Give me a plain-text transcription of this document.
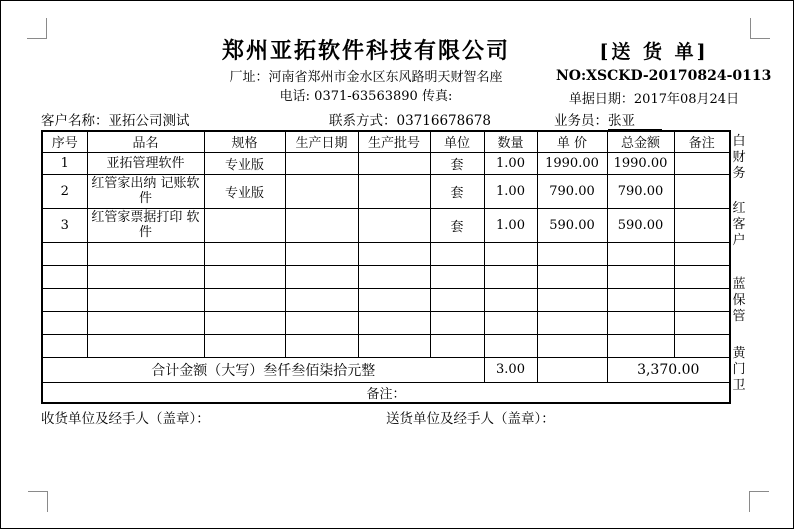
郑州亚拓软件科技有限公司
厂址：河南省郑州市金水区东风路明天财智名座
电话: 0371-63563890 传真:
[送 货 单]
NO:XSCKD-20170824-0113
单据日期：2017年08月24日
客户名称：亚拓公司测试	联系方式：03716678678	业务员：张亚
序号	品名	规格	生产日期	生产批号	单位	数量	单 价	总金额	备注
1	亚拓管理软件	专业版			套	1.00	1990.00	1990.00	
2	红管家出纳 记账软件	专业版			套	1.00	790.00	790.00	
3	红管家票据打印 软件				套	1.00	590.00	590.00	

合计金额（大写）叁仟叁佰柒拾元整						3.00		3,370.00	
备注：									
白财务
红客户
蓝保管
黄门卫
收货单位及经手人（盖章）：	送货单位及经手人（盖章）：
